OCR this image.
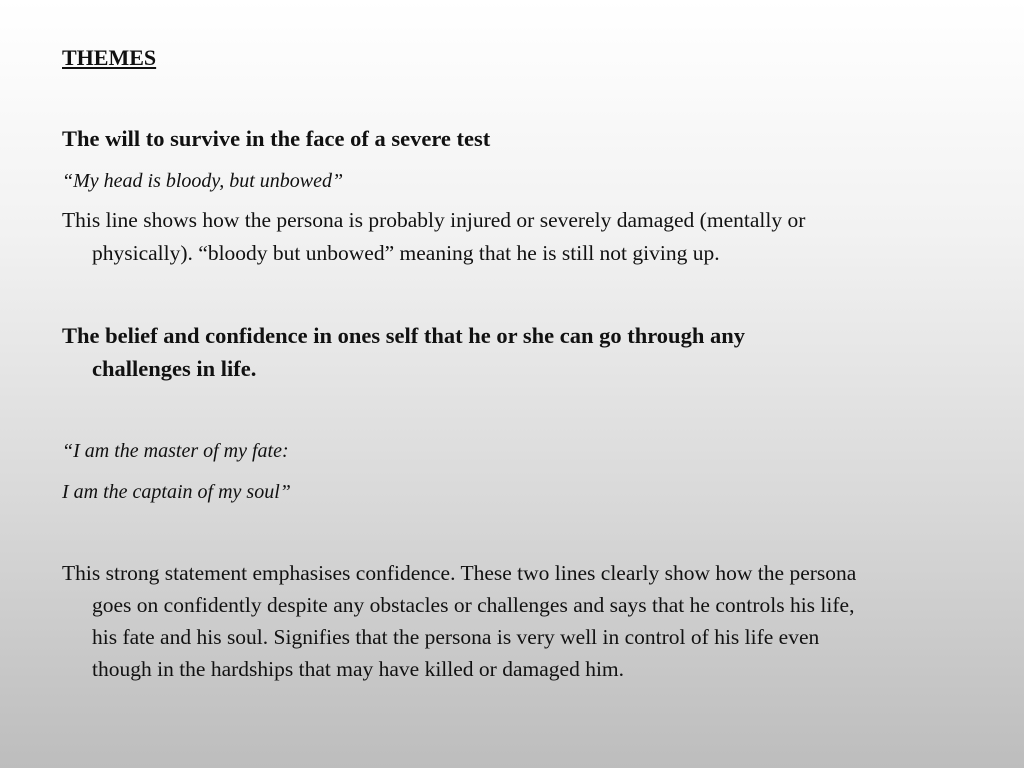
THEMES

The will to survive in the face of a severe test

“My head is bloody, but unbowed”

This line shows how the persona is probably injured or severely damaged (mentally or

physically). “bloody but unbowed” meaning that he is still not giving up.

The belief and confidence in ones self that he or she can go through any

challenges in life.

“I am the master of my fate:

I am the captain of my soul”

This strong statement emphasises confidence. These two lines clearly show how the persona

goes on confidently despite any obstacles or challenges and says that he controls his life,

his fate and his soul. Signifies that the persona is very well in control of his life even

though in the hardships that may have killed or damaged him.
